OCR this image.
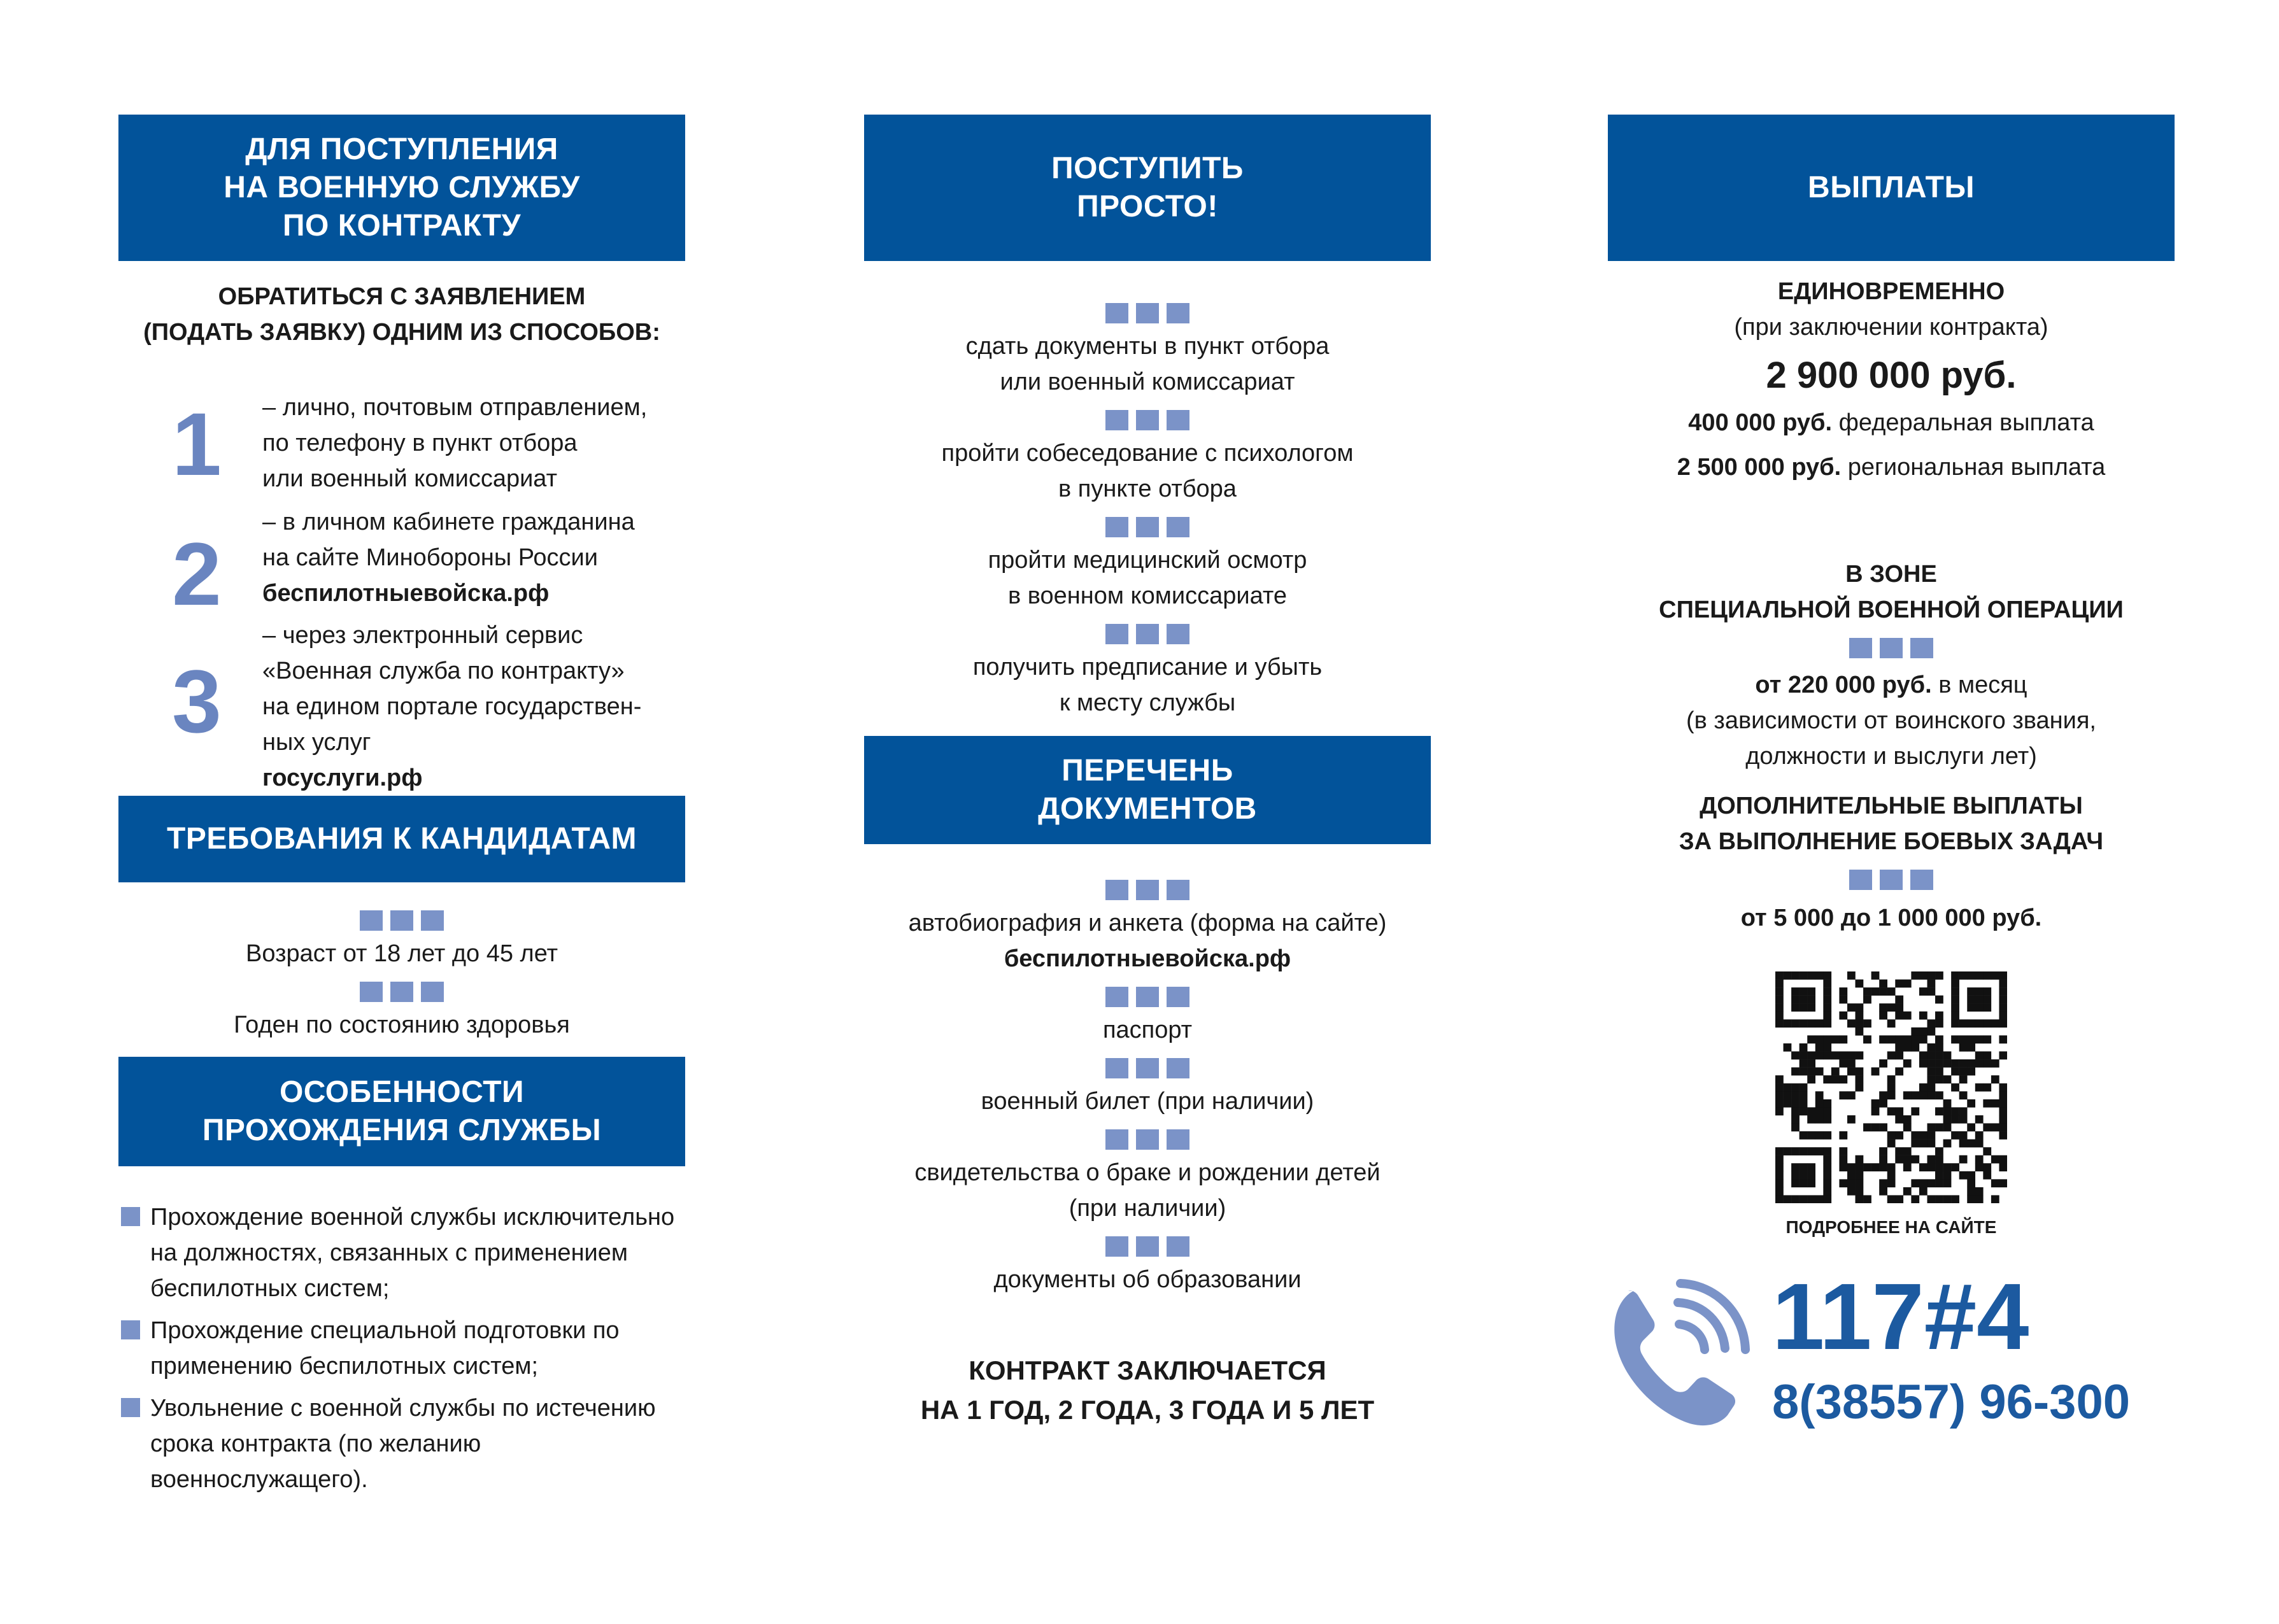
ДЛЯ ПОСТУПЛЕНИЯ
НА ВОЕННУЮ СЛУЖБУ
ПО КОНТРАКТУ
ОБРАТИТЬСЯ С ЗАЯВЛЕНИЕМ
(ПОДАТЬ ЗАЯВКУ) ОДНИМ ИЗ СПОСОБОВ:
1 – лично, почтовым отправлением,
по телефону в пункт отбора
или военный комиссариат
2
– в личном кабинете гражданина
на сайте Минобороны России
беспилотныевойска.рф
3
– через электронный сервис
«Военная служба по контракту»
на едином портале государствен-
ных услуг
госуслуги.рф
ТРЕБОВАНИЯ К КАНДИДАТАМ
Возраст от 18 лет до 45 лет
Годен по состоянию здоровья
ОСОБЕННОСТИ
ПРОХОЖДЕНИЯ СЛУЖБЫ
Прохождение военной службы исключительно
на должностях, связанных с применением
беспилотных систем;
Прохождение специальной подготовки по
применению беспилотных систем;
Увольнение с военной службы по истечению
срока контракта (по желанию военнослужащего).
ПОСТУПИТЬ
ПРОСТО!
сдать документы в пункт отбора
или военный комиссариат
пройти собеседование с психологом
в пункте отбора
пройти медицинский осмотр
в военном комиссариате
получить предписание и убыть
к месту службы
ПЕРЕЧЕНЬ
ДОКУМЕНТОВ
автобиография и анкета (форма на сайте)
беспилотныевойска.рф
паспорт
военный билет (при наличии)
свидетельства о браке и рождении детей
(при наличии)
документы об образовании
КОНТРАКТ ЗАКЛЮЧАЕТСЯ
НА 1 ГОД, 2 ГОДА, 3 ГОДА И 5 ЛЕТ
ВЫПЛАТЫ
ЕДИНОВРЕМЕННО
(при заключении контракта)
2 900 000 руб.
400 000 руб. федеральная выплата
2 500 000 руб. региональная выплата
В ЗОНЕ
СПЕЦИАЛЬНОЙ ВОЕННОЙ ОПЕРАЦИИ
от 220 000 руб. в месяц
(в зависимости от воинского звания,
должности и выслуги лет)
ДОПОЛНИТЕЛЬНЫЕ ВЫПЛАТЫ
ЗА ВЫПОЛНЕНИЕ БОЕВЫХ ЗАДАЧ
от 5 000 до 1 000 000 руб.
ПОДРОБНЕЕ НА САЙТЕ
117#4
8(38557) 96-300
